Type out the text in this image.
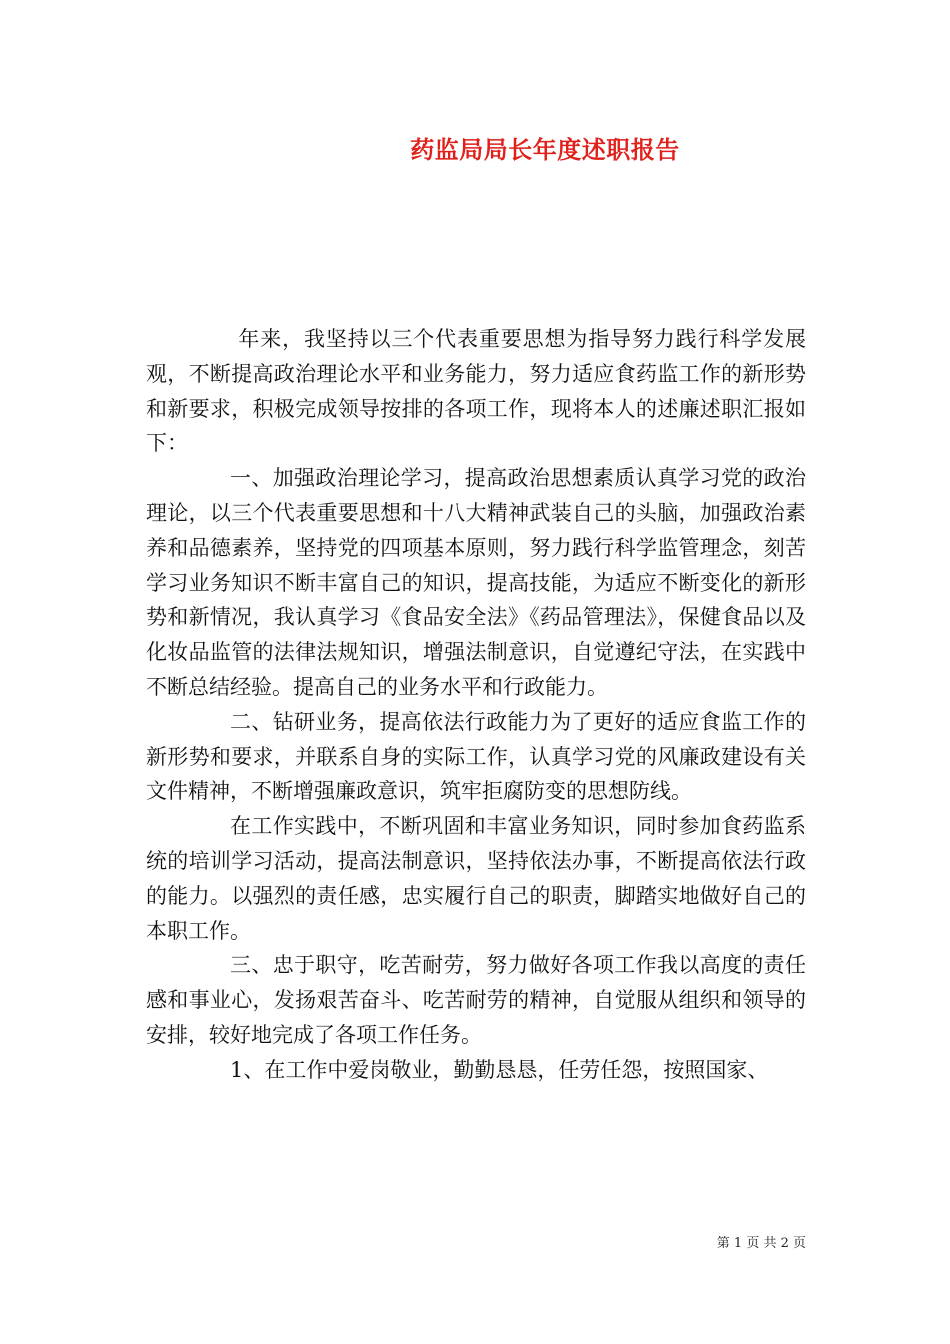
药监局局长年度述职报告

年来，我坚持以三个代表重要思想为指导努力践行科学发展观，不断提高政治理论水平和业务能力，努力适应食药监工作的新形势和新要求，积极完成领导按排的各项工作，现将本人的述廉述职汇报如下：

一、加强政治理论学习，提高政治思想素质认真学习党的政治理论，以三个代表重要思想和十八大精神武装自己的头脑，加强政治素养和品德素养，坚持党的四项基本原则，努力践行科学监管理念，刻苦学习业务知识不断丰富自己的知识，提高技能，为适应不断变化的新形势和新情况，我认真学习《食品安全法》《药品管理法》，保健食品以及化妆品监管的法律法规知识，增强法制意识，自觉遵纪守法，在实践中不断总结经验。提高自己的业务水平和行政能力。

二、钻研业务，提高依法行政能力为了更好的适应食监工作的新形势和要求，并联系自身的实际工作，认真学习党的风廉政建设有关文件精神，不断增强廉政意识，筑牢拒腐防变的思想防线。

在工作实践中，不断巩固和丰富业务知识，同时参加食药监系统的培训学习活动，提高法制意识，坚持依法办事，不断提高依法行政的能力。以强烈的责任感，忠实履行自己的职责，脚踏实地做好自己的本职工作。

三、忠于职守，吃苦耐劳，努力做好各项工作我以高度的责任感和事业心，发扬艰苦奋斗、吃苦耐劳的精神，自觉服从组织和领导的安排，较好地完成了各项工作任务。

1、在工作中爱岗敬业，勤勤恳恳，任劳任怨，按照国家、

第 1 页 共 2 页
